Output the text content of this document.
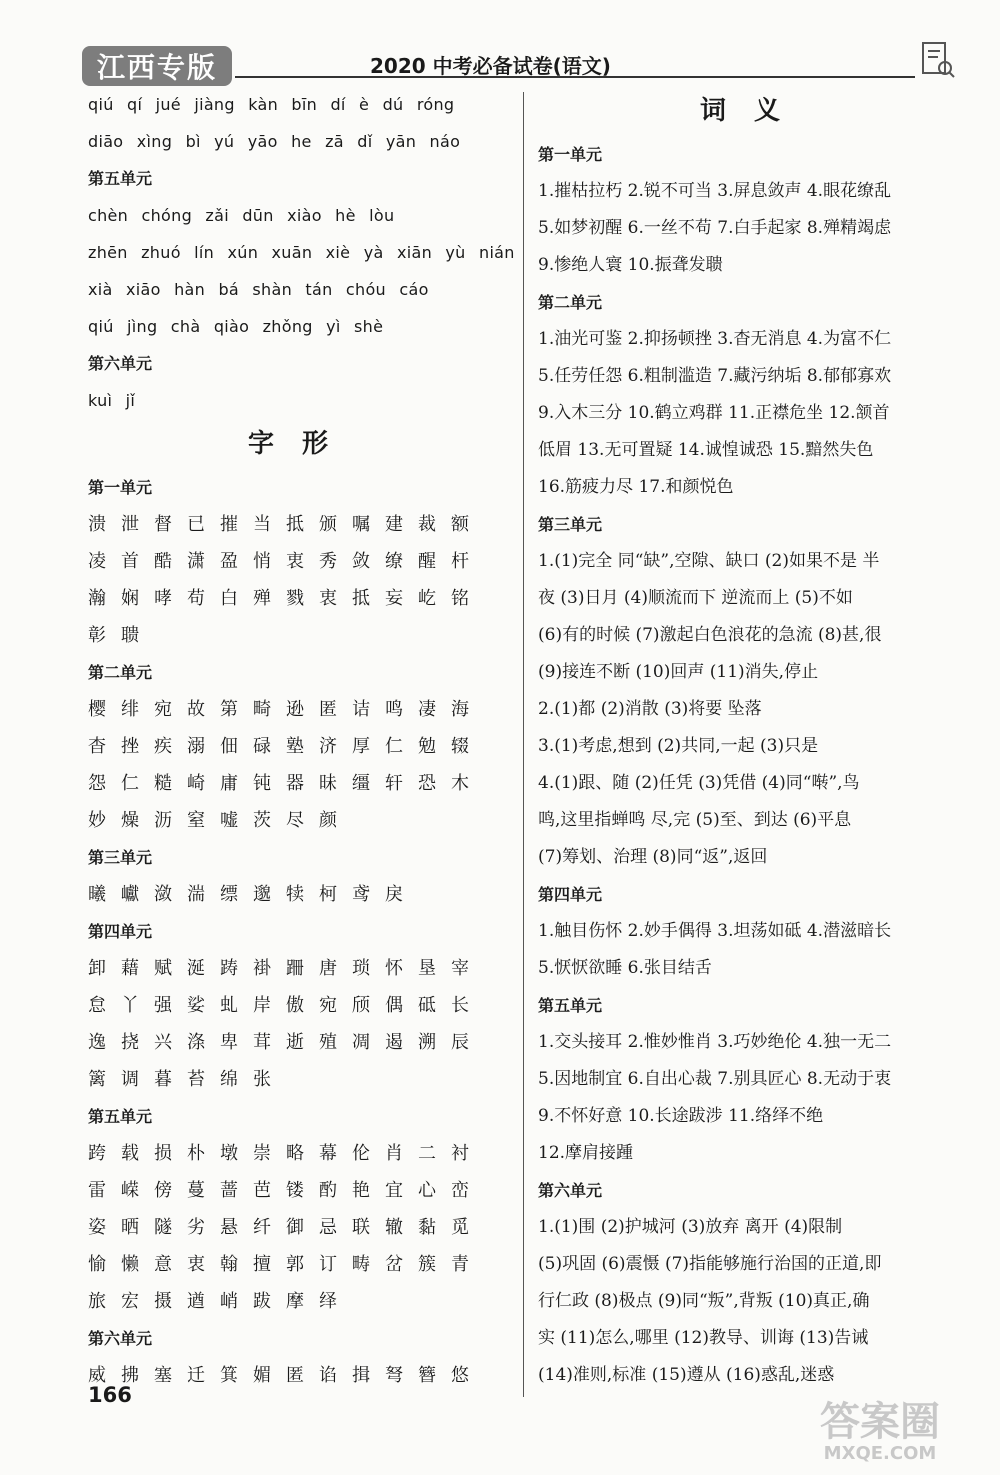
江西专版	2020 中考必备试卷(语文)
qiú qí jué jiàng kàn bīn dí è dú róng
diāo xìng bì yú yāo he zā dǐ yān náo
第五单元
chèn chóng zǎi dūn xiào hè lòu
zhēn zhuó lín xún xuān xiè yà xiān yù nián
xià xiāo hàn bá shàn tán chóu cáo
qiú jìng chà qiào zhǒng yì shè
第六单元
kuì jǐ
字形
第一单元
溃泄督已摧当抵颁嘱建裁额
凌首酷潇盈悄衷秀敛缭醒杆
瀚娴哮苟白殚戮衷抵妄屹铭
彰聩
第二单元
樱绯宛故第畸逊匿诘鸣凄海
杳挫疾溺佃碌塾济厚仁勉辍
怨仁糙崎庸钝器昧缰轩恐木
妙燥沥窒嘘茨尽颜
第三单元
曦巘潋湍缥邈犊柯鸢戾
第四单元
卸藉赋涎踌褂跚唐琐怀垦宰
怠丫强娑虬岸傲宛颀偶砥长
逸挠兴涤卑茸逝殖凋遏溯辰
篱调暮苔绵张
第五单元
跨载损朴墩崇略幕伦肖二衬
雷嵘傍蔓蔷芭镂酌艳宜心峦
姿晒隧劣悬纤御忌联辙黏觅
愉懒意衷翰擅郭订畴岔簇青
旅宏摄遒峭跋摩绎
第六单元
威拂塞迁箕媚匿谄揖弩簪悠
词义
第一单元
1.摧枯拉朽 2.锐不可当 3.屏息敛声 4.眼花缭乱
5.如梦初醒 6.一丝不苟 7.白手起家 8.殚精竭虑
9.惨绝人寰 10.振聋发聩
第二单元
1.油光可鉴 2.抑扬顿挫 3.杳无消息 4.为富不仁
5.任劳任怨 6.粗制滥造 7.藏污纳垢 8.郁郁寡欢
9.入木三分 10.鹤立鸡群 11.正襟危坐 12.颔首
低眉 13.无可置疑 14.诚惶诚恐 15.黯然失色
16.筋疲力尽 17.和颜悦色
第三单元
1.(1)完全 同“缺”,空隙、缺口 (2)如果不是 半
夜 (3)日月 (4)顺流而下 逆流而上 (5)不如
(6)有的时候 (7)激起白色浪花的急流 (8)甚,很
(9)接连不断 (10)回声 (11)消失,停止
2.(1)都 (2)消散 (3)将要 坠落
3.(1)考虑,想到 (2)共同,一起 (3)只是
4.(1)跟、随 (2)任凭 (3)凭借 (4)同“啭”,鸟
鸣,这里指蝉鸣 尽,完 (5)至、到达 (6)平息
(7)筹划、治理 (8)同“返”,返回
第四单元
1.触目伤怀 2.妙手偶得 3.坦荡如砥 4.潜滋暗长
5.恹恹欲睡 6.张目结舌
第五单元
1.交头接耳 2.惟妙惟肖 3.巧妙绝伦 4.独一无二
5.因地制宜 6.自出心裁 7.别具匠心 8.无动于衷
9.不怀好意 10.长途跋涉 11.络绎不绝
12.摩肩接踵
第六单元
1.(1)围 (2)护城河 (3)放弃 离开 (4)限制
(5)巩固 (6)震慑 (7)指能够施行治国的正道,即
行仁政 (8)极点 (9)同“叛”,背叛 (10)真正,确
实 (11)怎么,哪里 (12)教导、训诲 (13)告诫
(14)准则,标准 (15)遵从 (16)惑乱,迷惑
166
答案圈
MXQE.COM
